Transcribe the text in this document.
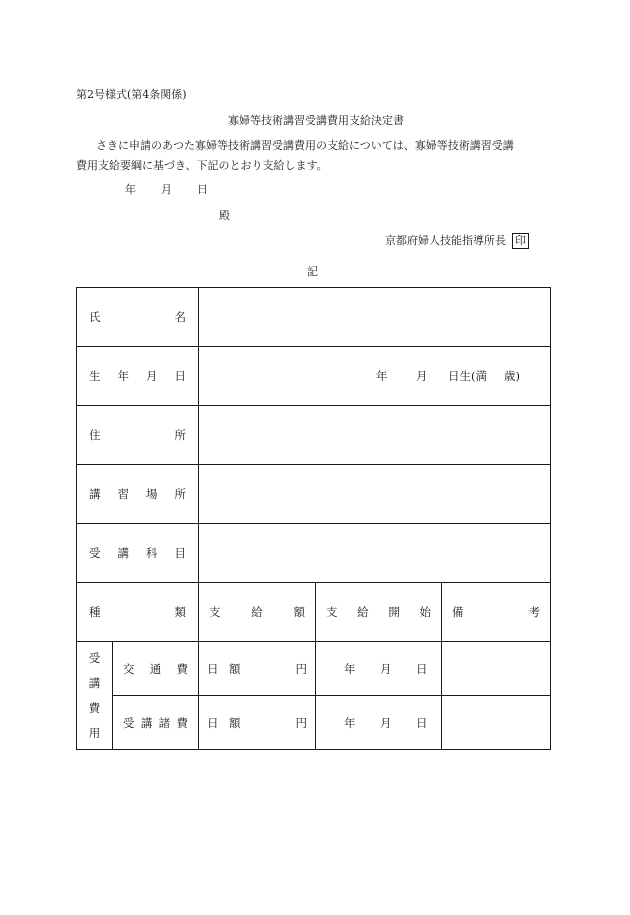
第2号様式(第4条関係)
寡婦等技術講習受講費用支給決定書
さきに申請のあつた寡婦等技術講習受講費用の支給については、寡婦等技術講習受講
費用支給要綱に基づき、下記のとおり支給します。
年 月 日
殿
京都府婦人技能指導所長 印
記
氏 名				

生 年 月 日		年 月 日生(満 歳)		

住 所				

講 習 場 所				

受 講 科 目				

種 類		支 給 額	支 給 開 始	備 考

受
講
費
用	交 通 費	日 額 円	年 月 日	

	受 講 諸 費	日 額 円	年 月 日	
